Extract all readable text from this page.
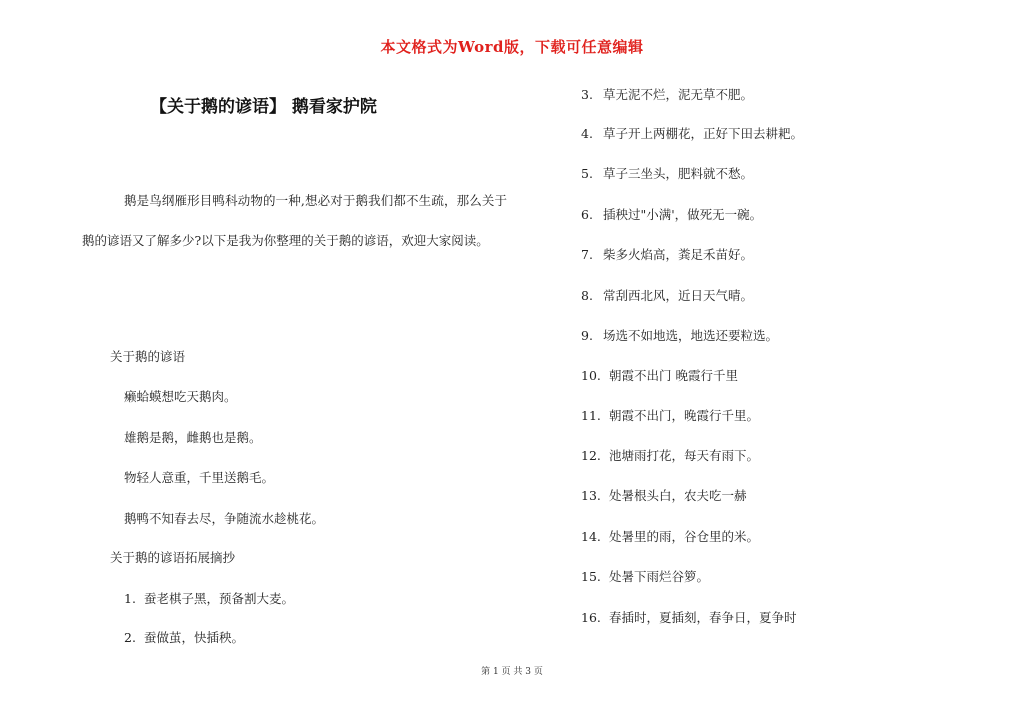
本文格式为Word版，下载可任意编辑
【关于鹅的谚语】 鹅看家护院
鹅是鸟纲雁形目鸭科动物的一种,想必对于鹅我们都不生疏，那么关于鹅的谚语又了解多少?以下是我为你整理的关于鹅的谚语，欢迎大家阅读。
关于鹅的谚语
癞蛤蟆想吃天鹅肉。
雄鹅是鹅，雌鹅也是鹅。
物轻人意重，千里送鹅毛。
鹅鸭不知春去尽，争随流水趁桃花。
关于鹅的谚语拓展摘抄
1. 蚕老棋子黑，预备割大麦。
2. 蚕做茧，快插秧。
3. 草无泥不烂，泥无草不肥。
4. 草子开上两棚花，正好下田去耕耙。
5. 草子三坐头，肥料就不愁。
6. 插秧过"小满'，做死无一碗。
7. 柴多火焰高，粪足禾苗好。
8. 常刮西北风，近日天气晴。
9. 场选不如地选，地选还要粒选。
10. 朝霞不出门 晚霞行千里
11. 朝霞不出门，晚霞行千里。
12. 池塘雨打花，每天有雨下。
13. 处暑根头白，农夫吃一赫
14. 处暑里的雨，谷仓里的米。
15. 处暑下雨烂谷箩。
16. 春插时，夏插刻，春争日，夏争时
第 1 页 共 3 页
